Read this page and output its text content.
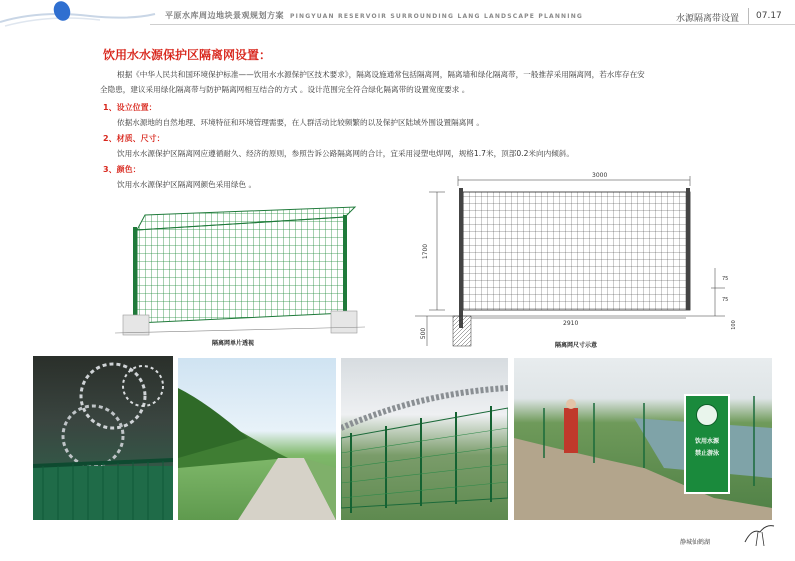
平原水库周边地块景观规划方案 PINGYUAN RESERVOIR SURROUNDING LANG LANDSCAPE PLANNING	水源隔离带设置 07.17
饮用水水源保护区隔离网设置：
根据《中华人民共和国环境保护标准——饮用水水源保护区技术要求》，隔离设施通常包括隔离网，隔离墙和绿化隔离带，一般推荐采用隔离网，若水库存在安
全隐患，建议采用绿化隔离带与防护隔离网相互结合的方式 。设计范围完全符合绿化隔离带的设置宽度要求 。
1、设立位置：
依据水源地的自然地理、环境特征和环境管理需要，在人群活动比较频繁的以及保护区陆域外围设置隔离网 。
2、材质、尺寸：
饮用水水源保护区隔离网应遵循耐久、经济的原则，参照告诉公路隔离网的合计，宜采用浸塑电焊网，规格1.7米，顶部0.2米向内倾斜。
3、颜色：
饮用水水源保护区隔离网颜色采用绿色 。
隔离网单片透视
3000
1700
500
2910
75
75
100
隔离网尺寸示意
饮用水源
禁止游泳
静城仙鹤湖
